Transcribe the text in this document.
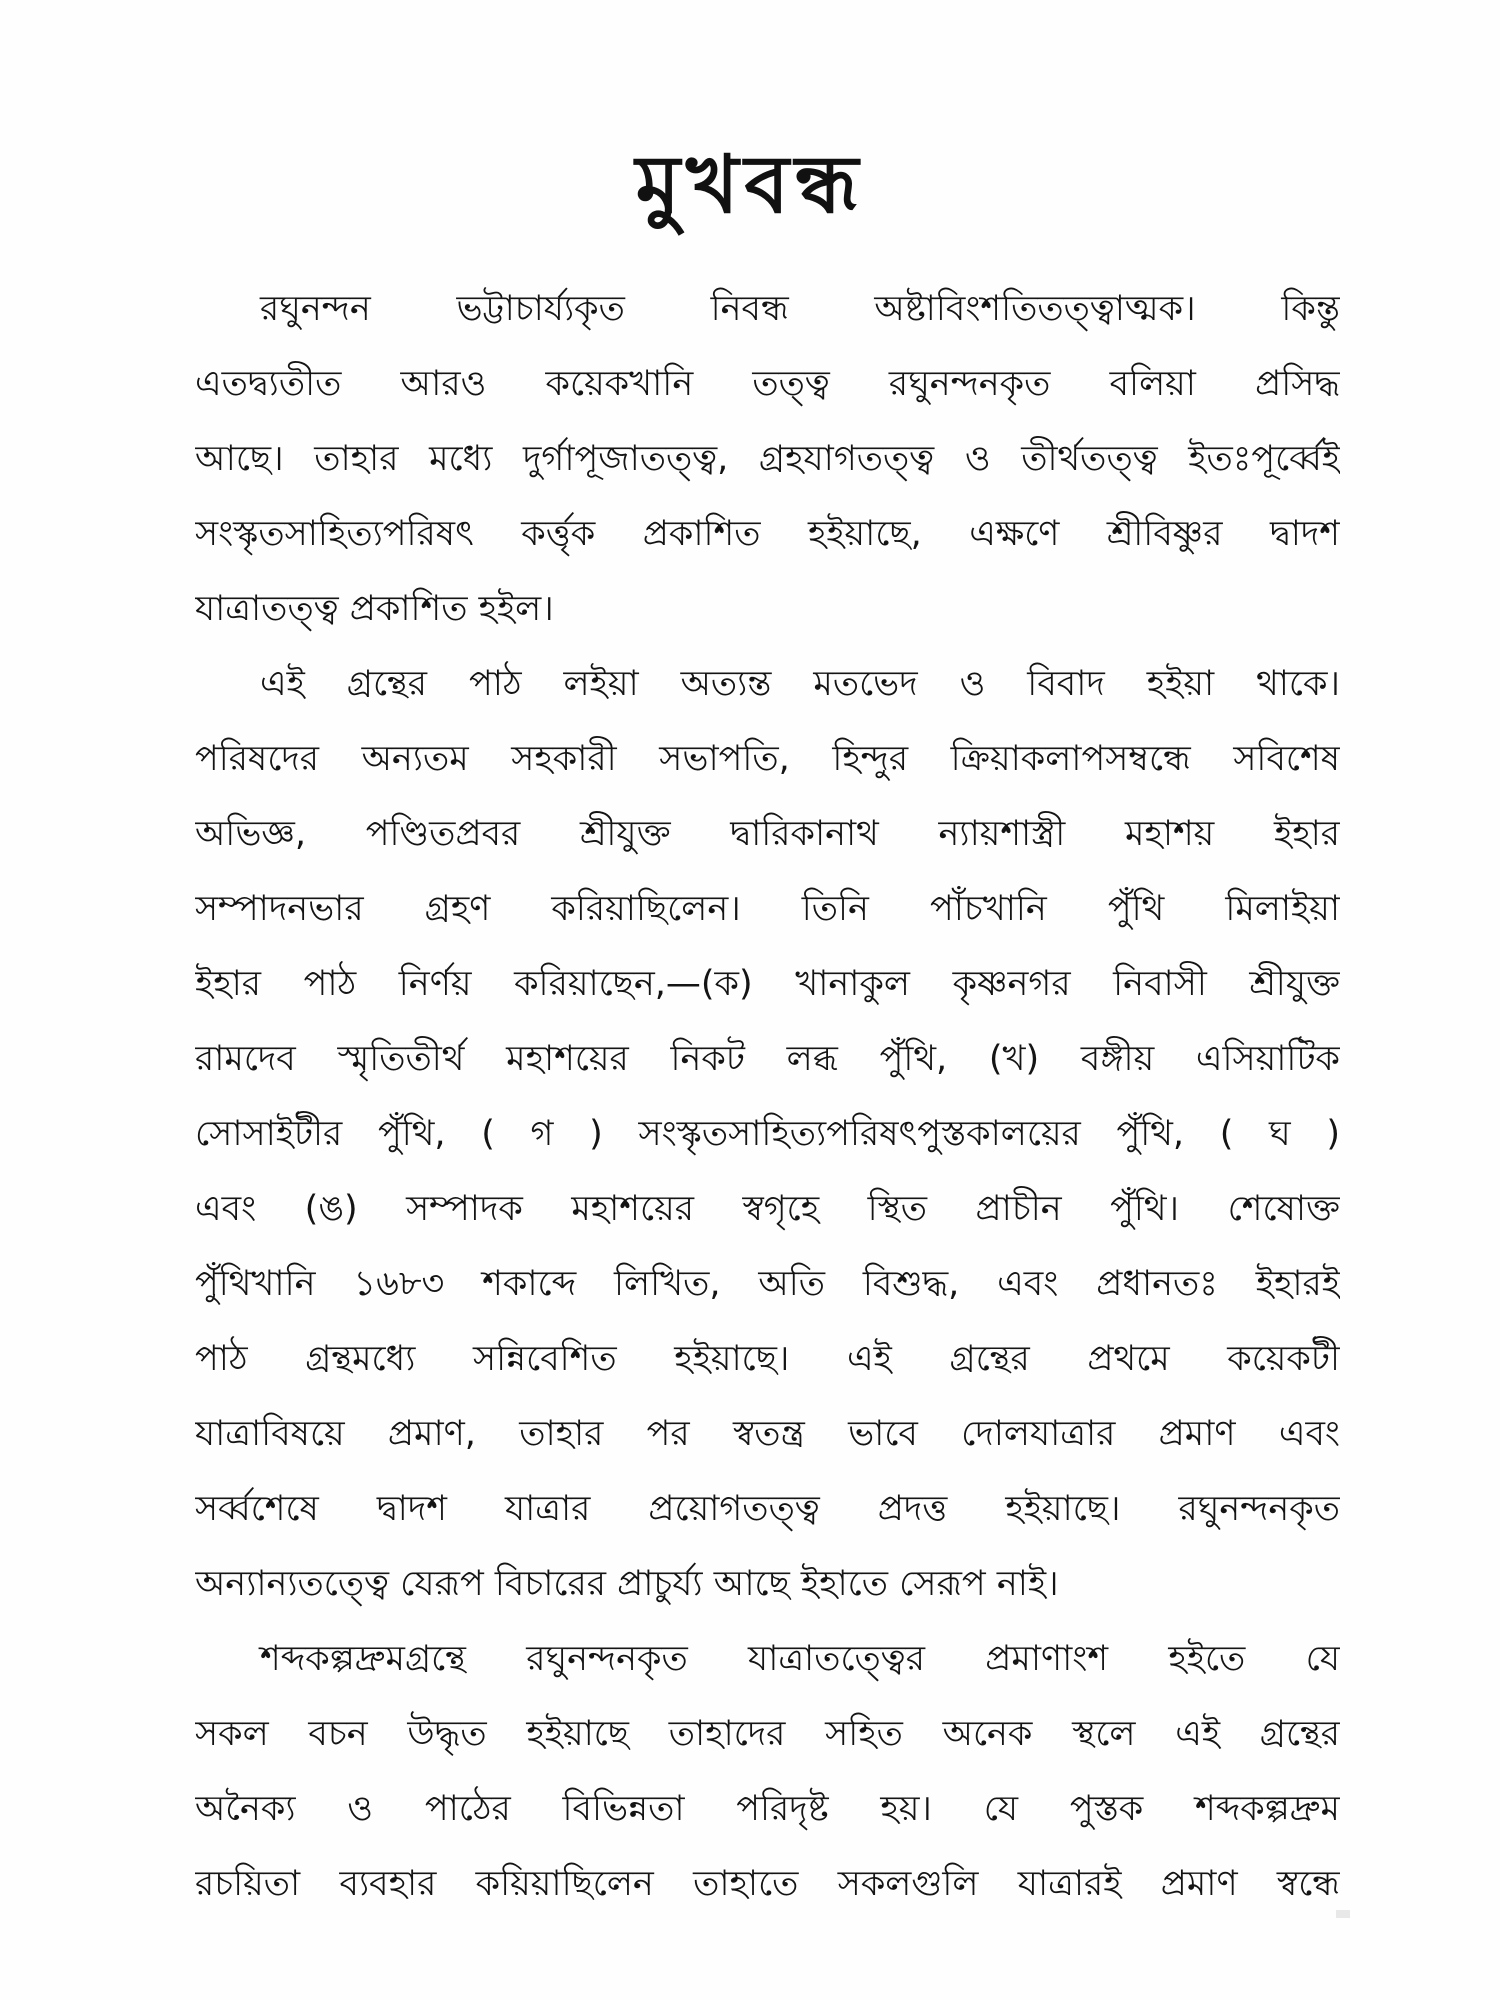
মুখবন্ধ
রঘুনন্দন ভট্টাচার্য্যকৃত নিবন্ধ অষ্টাবিংশতিতত্ত্বাত্মক। কিন্তু
এতদ্ব্যতীত আরও কয়েকখানি তত্ত্ব রঘুনন্দনকৃত বলিয়া প্রসিদ্ধ
আছে। তাহার মধ্যে দুর্গাপূজাতত্ত্ব, গ্রহযাগতত্ত্ব ও তীর্থতত্ত্ব ইতঃপূর্ব্বেই
সংস্কৃতসাহিত্যপরিষৎ কর্ত্তৃক প্রকাশিত হইয়াছে, এক্ষণে শ্রীবিষ্ণুর দ্বাদশ
যাত্রাতত্ত্ব প্রকাশিত হইল।
এই গ্রন্থের পাঠ লইয়া অত্যন্ত মতভেদ ও বিবাদ হইয়া থাকে।
পরিষদের অন্যতম সহকারী সভাপতি, হিন্দুর ক্রিয়াকলাপসম্বন্ধে সবিশেষ
অভিজ্ঞ, পণ্ডিতপ্রবর শ্রীযুক্ত দ্বারিকানাথ ন্যায়শাস্ত্রী মহাশয় ইহার
সম্পাদনভার গ্রহণ করিয়াছিলেন। তিনি পাঁচখানি পুঁথি মিলাইয়া
ইহার পাঠ নির্ণয় করিয়াছেন,—(ক) খানাকুল কৃষ্ণনগর নিবাসী শ্রীযুক্ত
রামদেব স্মৃতিতীর্থ মহাশয়ের নিকট লব্ধ পুঁথি, (খ) বঙ্গীয় এসিয়াটিক
সোসাইটীর পুঁথি, ( গ ) সংস্কৃতসাহিত্যপরিষৎপুস্তকালয়ের পুঁথি, ( ঘ )
এবং (ঙ) সম্পাদক মহাশয়ের স্বগৃহে স্থিত প্রাচীন পুঁথি। শেষোক্ত
পুঁথিখানি ১৬৮৩ শকাব্দে লিখিত, অতি বিশুদ্ধ, এবং প্রধানতঃ ইহারই
পাঠ গ্রন্থমধ্যে সন্নিবেশিত হইয়াছে। এই গ্রন্থের প্রথমে কয়েকটী
যাত্রাবিষয়ে প্রমাণ, তাহার পর স্বতন্ত্র ভাবে দোলযাত্রার প্রমাণ এবং
সর্ব্বশেষে দ্বাদশ যাত্রার প্রয়োগতত্ত্ব প্রদত্ত হইয়াছে। রঘুনন্দনকৃত
অন্যান্যতত্ত্বে যেরূপ বিচারের প্রাচুর্য্য আছে ইহাতে সেরূপ নাই।
শব্দকল্পদ্রুমগ্রন্থে রঘুনন্দনকৃত যাত্রাতত্ত্বের প্রমাণাংশ হইতে যে
সকল বচন উদ্ধৃত হইয়াছে তাহাদের সহিত অনেক স্থলে এই গ্রন্থের
অনৈক্য ও পাঠের বিভিন্নতা পরিদৃষ্ট হয়। যে পুস্তক শব্দকল্পদ্রুম
রচয়িতা ব্যবহার কয়িয়াছিলেন তাহাতে সকলগুলি যাত্রারই প্রমাণ স্বন্ধে
